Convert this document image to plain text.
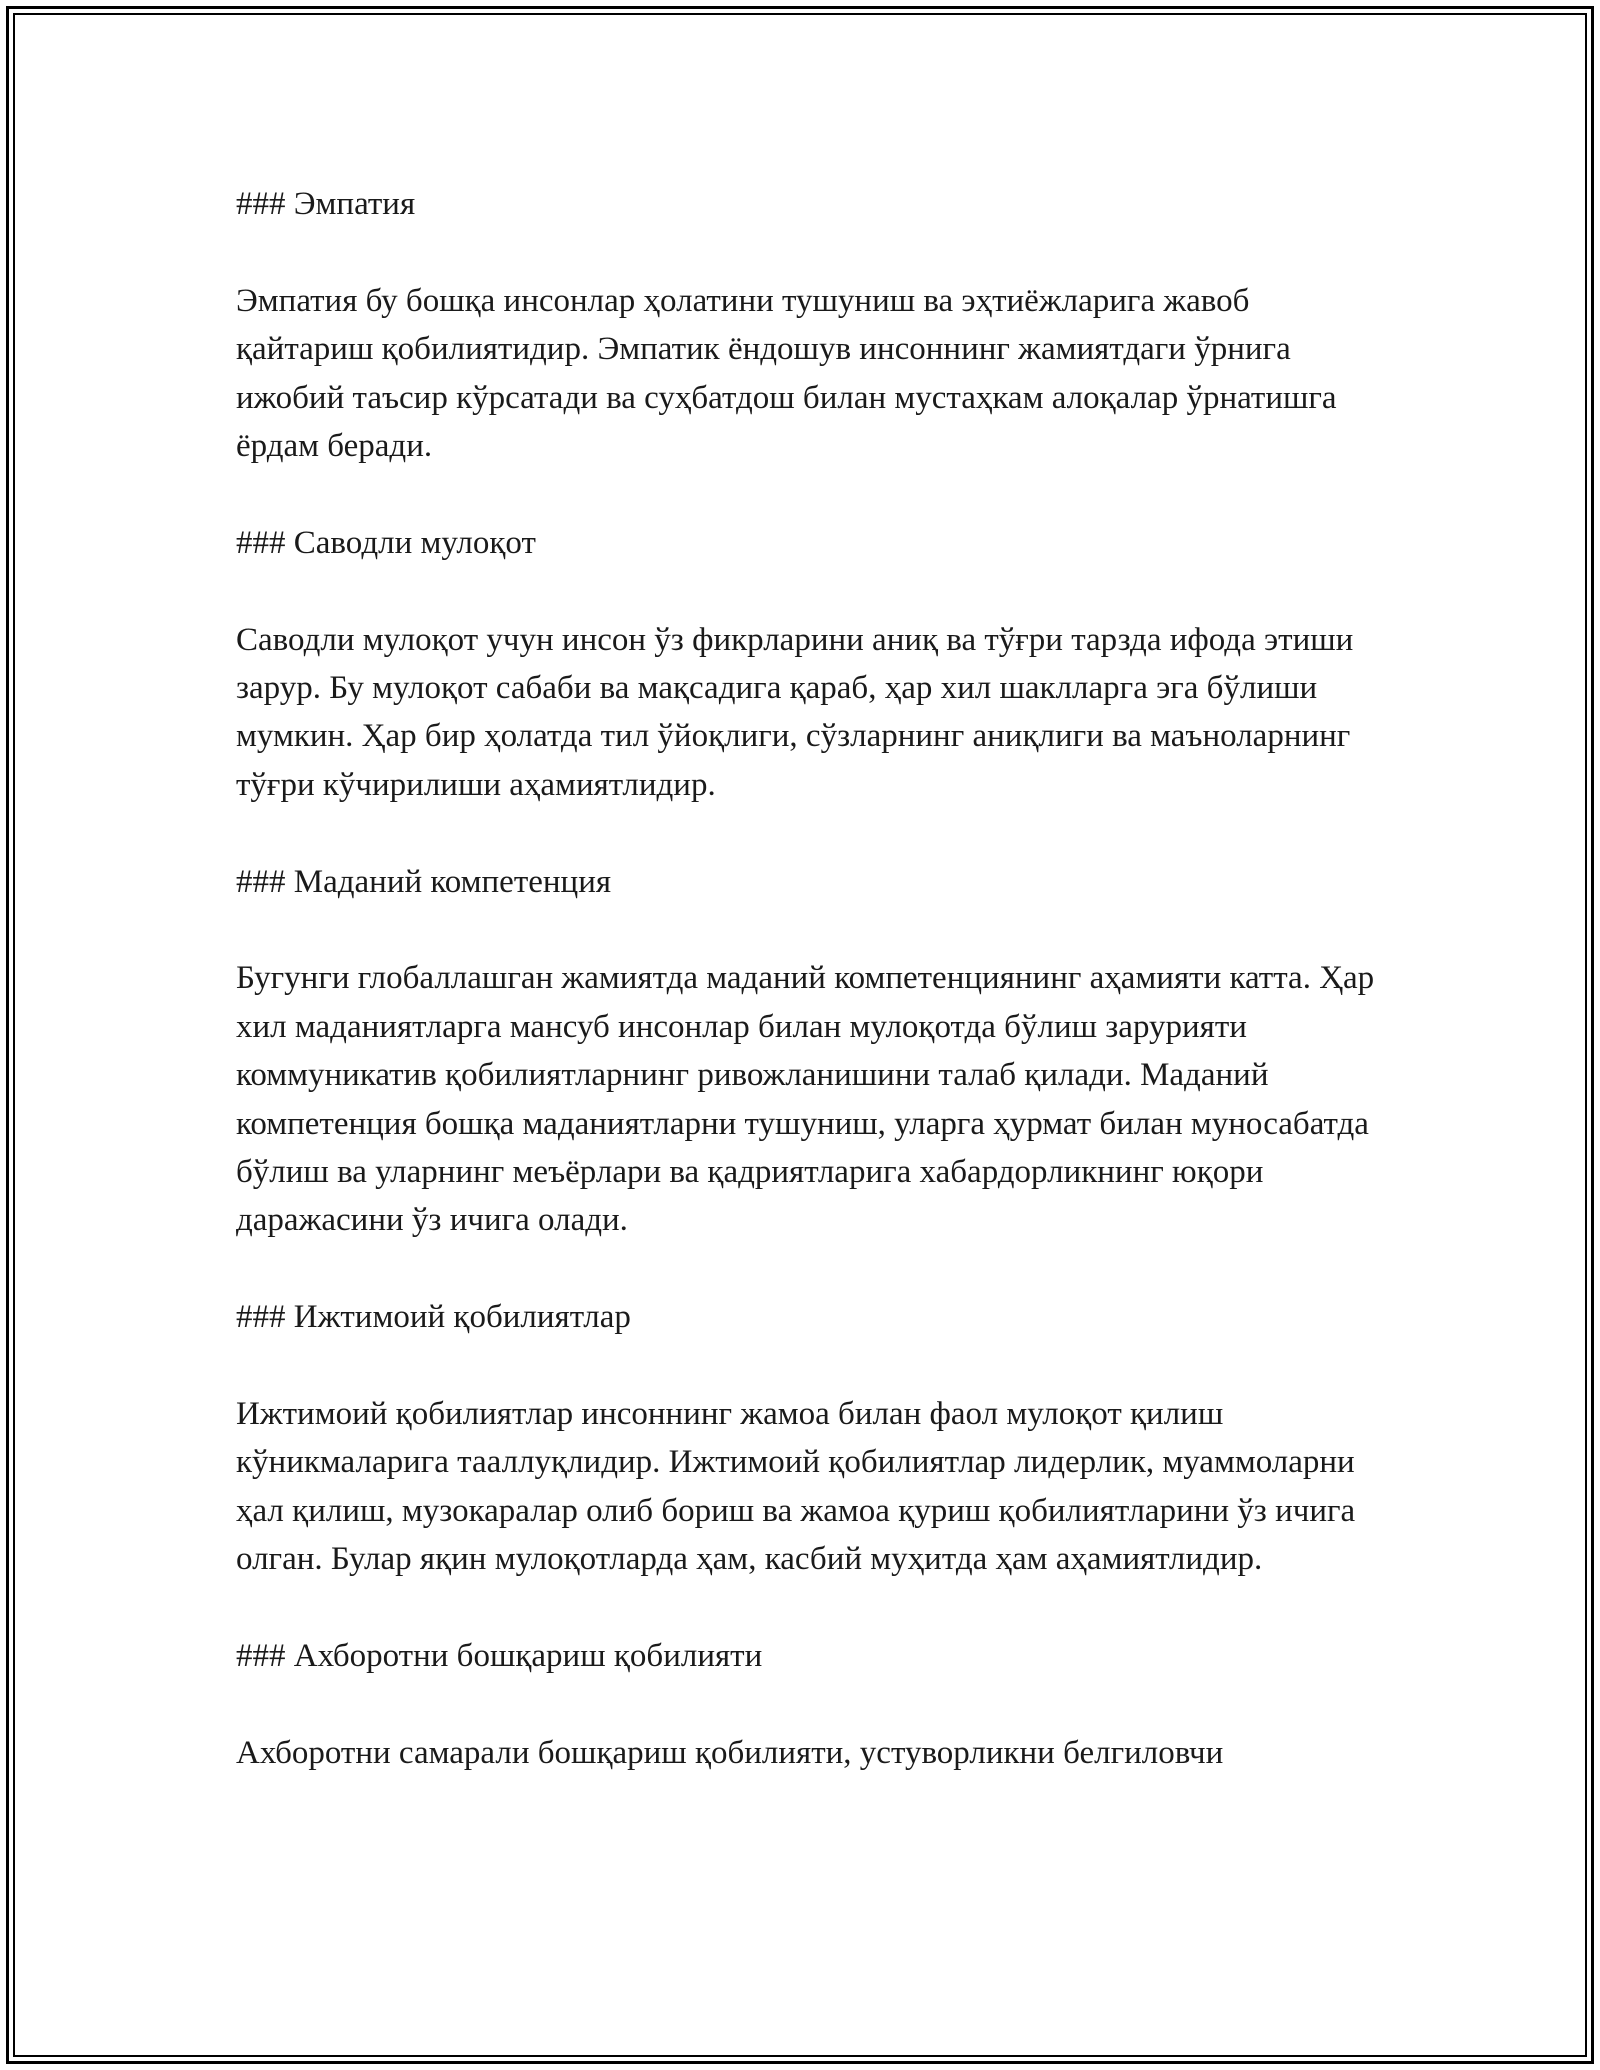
### Эмпатия
Эмпатия бу бошқа инсонлар ҳолатини тушуниш ва эҳтиёжларига жавоб қайтариш қобилиятидир. Эмпатик ёндошув инсоннинг жамиятдаги ўрнига ижобий таъсир кўрсатади ва суҳбатдош билан мустаҳкам алоқалар ўрнатишга ёрдам беради.
### Саводли мулоқот
Саводли мулоқот учун инсон ўз фикрларини аниқ ва тўғри тарзда ифода этиши зарур. Бу мулоқот сабаби ва мақсадига қараб, ҳар хил шаклларга эга бўлиши мумкин. Ҳар бир ҳолатда тил ўйоқлиги, сўзларнинг аниқлиги ва маъноларнинг тўғри кўчирилиши аҳамиятлидир.
### Маданий компетенция
Бугунги глобаллашган жамиятда маданий компетенциянинг аҳамияти катта. Ҳар хил маданиятларга мансуб инсонлар билан мулоқотда бўлиш зарурияти коммуникатив қобилиятларнинг ривожланишини талаб қилади. Маданий компетенция бошқа маданиятларни тушуниш, уларга ҳурмат билан муносабатда бўлиш ва уларнинг меъёрлари ва қадриятларига хабардорликнинг юқори даражасини ўз ичига олади.
### Ижтимоий қобилиятлар
Ижтимоий қобилиятлар инсоннинг жамоа билан фаол мулоқот қилиш кўникмаларига тааллуқлидир. Ижтимоий қобилиятлар лидерлик, муаммоларни ҳал қилиш, музокаралар олиб бориш ва жамоа қуриш қобилиятларини ўз ичига олган. Булар яқин мулоқотларда ҳам, касбий муҳитда ҳам аҳамиятлидир.
### Ахборотни бошқариш қобилияти
Ахборотни самарали бошқариш қобилияти, устуворликни белгиловчи
